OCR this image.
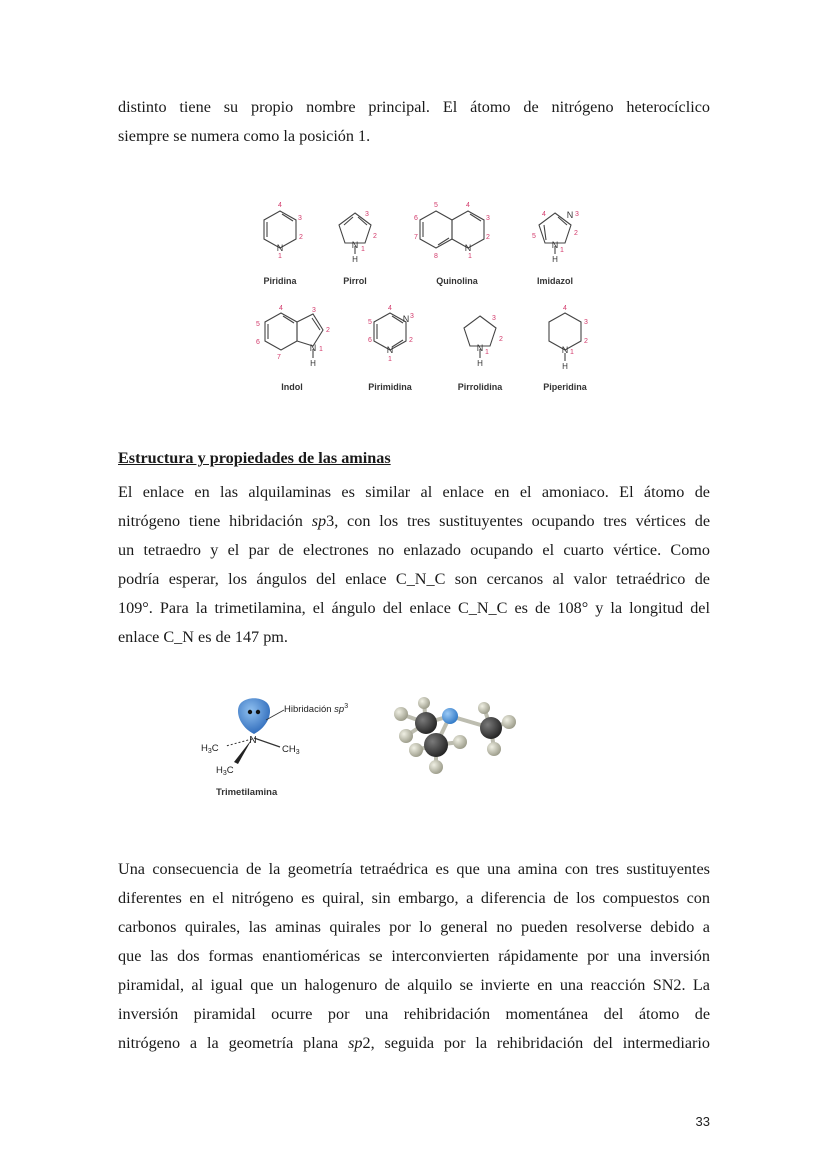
distinto tiene su propio nombre principal. El átomo de nitrógeno heterocíclico
siempre se numera como la posición 1.
N	N	N
N
N
N
N
N	N	N
H	H
H	H	H
4
3
2
1
3
2
1
5	4
6
7
8
3
2
1
4
5	2
1
3
4	3
2
5
6
7
1
4
5
6	2
3
1
3
2
1
4
3
2
1
Piridina	Pirrol	Quinolina	Imidazol
Indol	Pirimidina	Pirrolidina	Piperidina

Estructura y propiedades de las aminas

El enlace en las alquilaminas es similar al enlace en el amoniaco. El átomo de
nitrógeno tiene hibridación sp3, con los tres sustituyentes ocupando tres vértices de
un tetraedro y el par de electrones no enlazado ocupando el cuarto vértice. Como
podría esperar, los ángulos del enlace C_N_C son cercanos al valor tetraédrico de
109°. Para la trimetilamina, el ángulo del enlace C_N_C es de 108° y la longitud del
enlace C_N es de 147 pm.
N
Hibridación $sp^3$
$CH_3$
$H_3C$
$H_3C$
Trimetilamina
Una consecuencia de la geometría tetraédrica es que una amina con tres sustituyentes
diferentes en el nitrógeno es quiral, sin embargo, a diferencia de los compuestos con
carbonos quirales, las aminas quirales por lo general no pueden resolverse debido a
que las dos formas enantioméricas se interconvierten rápidamente por una inversión
piramidal, al igual que un halogenuro de alquilo se invierte en una reacción SN2. La
inversión piramidal ocurre por una rehibridación momentánea del átomo de
nitrógeno a la geometría plana sp2, seguida por la rehibridación del intermediario
33
